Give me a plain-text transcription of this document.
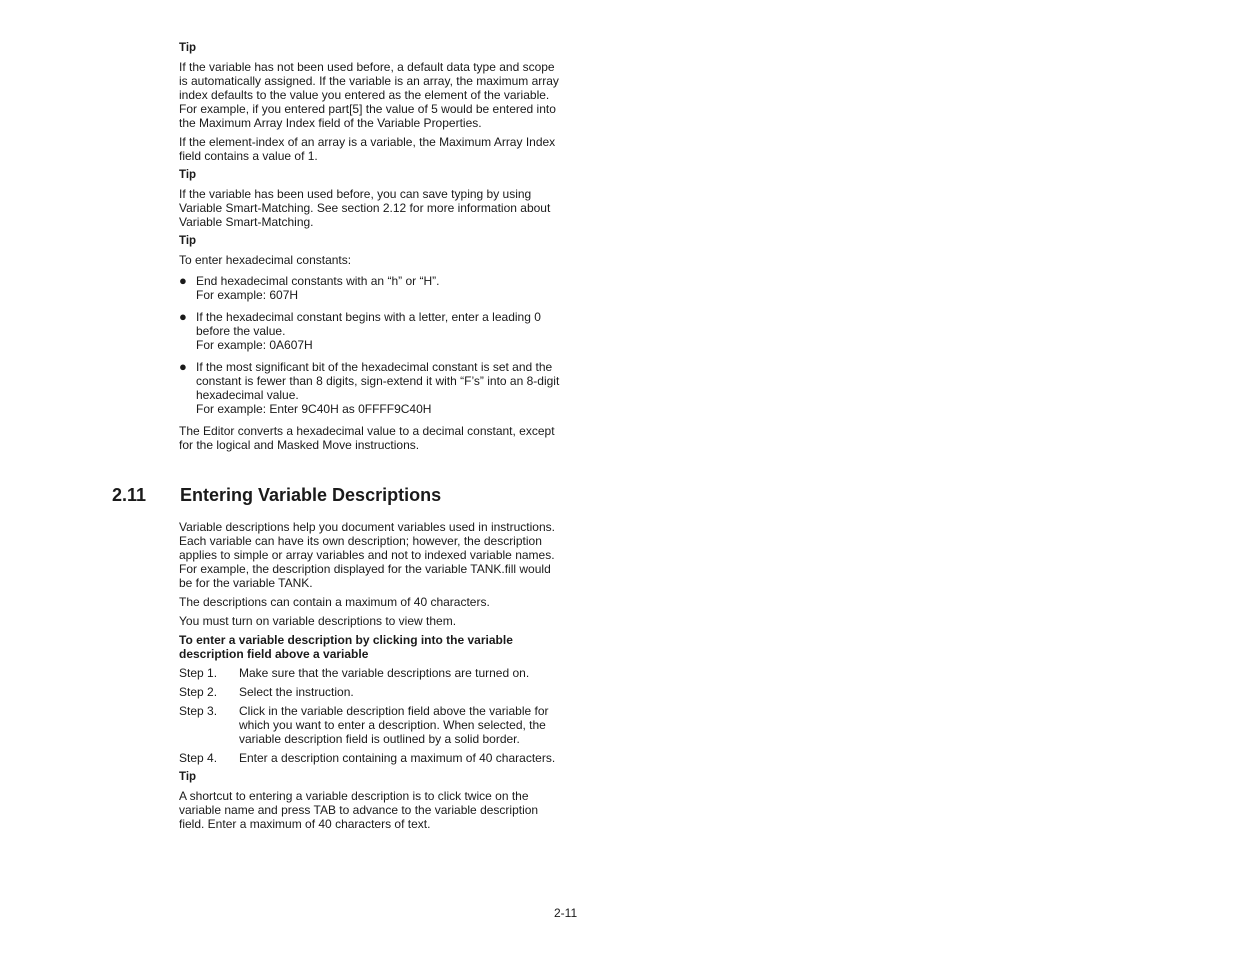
Tip

If the variable has not been used before, a default data type and scope is automatically assigned. If the variable is an array, the maximum array index defaults to the value you entered as the element of the variable. For example, if you entered part[5] the value of 5 would be entered into the Maximum Array Index field of the Variable Properties.

If the element-index of an array is a variable, the Maximum Array Index field contains a value of 1.

Tip

If the variable has been used before, you can save typing by using Variable Smart-Matching. See section 2.12 for more information about Variable Smart-Matching.

Tip

To enter hexadecimal constants:

● End hexadecimal constants with an “h” or “H”.
For example: 607H
● If the hexadecimal constant begins with a letter, enter a leading 0 before the value.
For example: 0A607H
● If the most significant bit of the hexadecimal constant is set and the constant is fewer than 8 digits, sign-extend it with “F’s” into an 8-digit hexadecimal value.
For example: Enter 9C40H as 0FFFF9C40H

The Editor converts a hexadecimal value to a decimal constant, except for the logical and Masked Move instructions.

2.11 Entering Variable Descriptions

Variable descriptions help you document variables used in instructions. Each variable can have its own description; however, the description applies to simple or array variables and not to indexed variable names. For example, the description displayed for the variable TANK.fill would be for the variable TANK.

The descriptions can contain a maximum of 40 characters.

You must turn on variable descriptions to view them.

To enter a variable description by clicking into the variable description field above a variable
Step 1.	Make sure that the variable descriptions are turned on.
Step 2.	Select the instruction.
Step 3.	Click in the variable description field above the variable for which you want to enter a description. When selected, the variable description field is outlined by a solid border.
Step 4.	Enter a description containing a maximum of 40 characters.
Tip

A shortcut to entering a variable description is to click twice on the variable name and press TAB to advance to the variable description field. Enter a maximum of 40 characters of text.

2-11
